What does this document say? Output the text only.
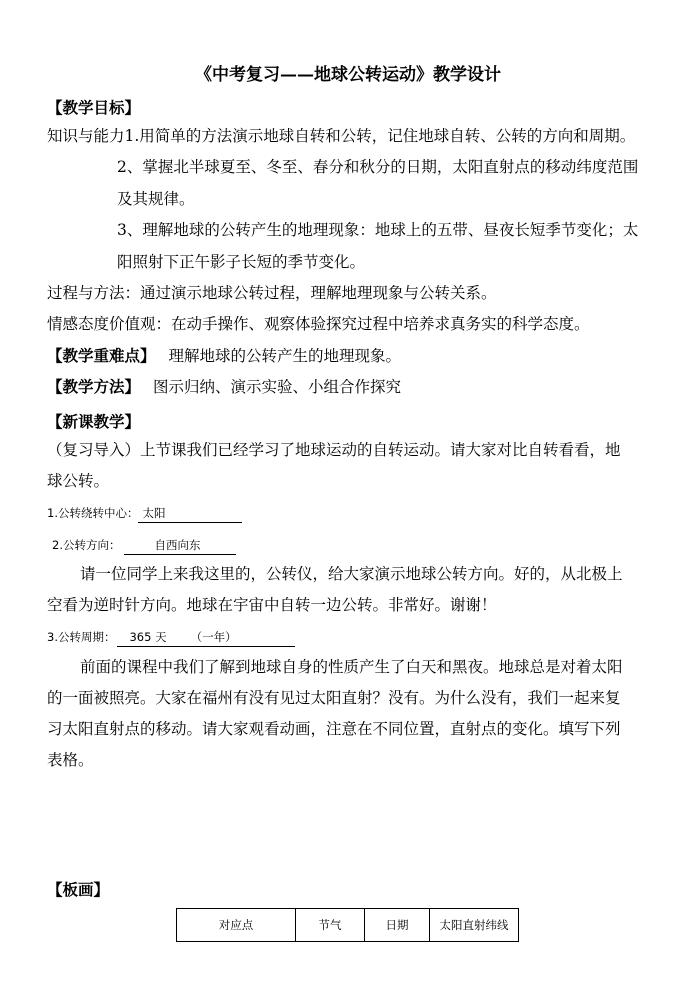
《中考复习——地球公转运动》教学设计
【教学目标】
知识与能力1.用简单的方法演示地球自转和公转，记住地球自转、公转的方向和周期。
2、掌握北半球夏至、冬至、春分和秋分的日期，太阳直射点的移动纬度范围
及其规律。
3、理解地球的公转产生的地理现象：地球上的五带、昼夜长短季节变化；太
阳照射下正午影子长短的季节变化。
过程与方法：通过演示地球公转过程，理解地理现象与公转关系。
情感态度价值观：在动手操作、观察体验探究过程中培养求真务实的科学态度。
【教学重难点】 理解地球的公转产生的地理现象。
【教学方法】 图示归纳、演示实验、小组合作探究
【新课教学】
（复习导入）上节课我们已经学习了地球运动的自转运动。请大家对比自转看看，地
球公转。
1.公转绕转中心： 太阳
2.公转方向：	自西向东
请一位同学上来我这里的，公转仪，给大家演示地球公转方向。好的，从北极上
空看为逆时针方向。地球在宇宙中自转一边公转。非常好。谢谢！
3.公转周期： 365 天 （一年）
前面的课程中我们了解到地球自身的性质产生了白天和黑夜。地球总是对着太阳
的一面被照亮。大家在福州有没有见过太阳直射？没有。为什么没有，我们一起来复
习太阳直射点的移动。请大家观看动画，注意在不同位置，直射点的变化。填写下列
表格。
【板画】
对应点	节气	日期	太阳直射纬线
